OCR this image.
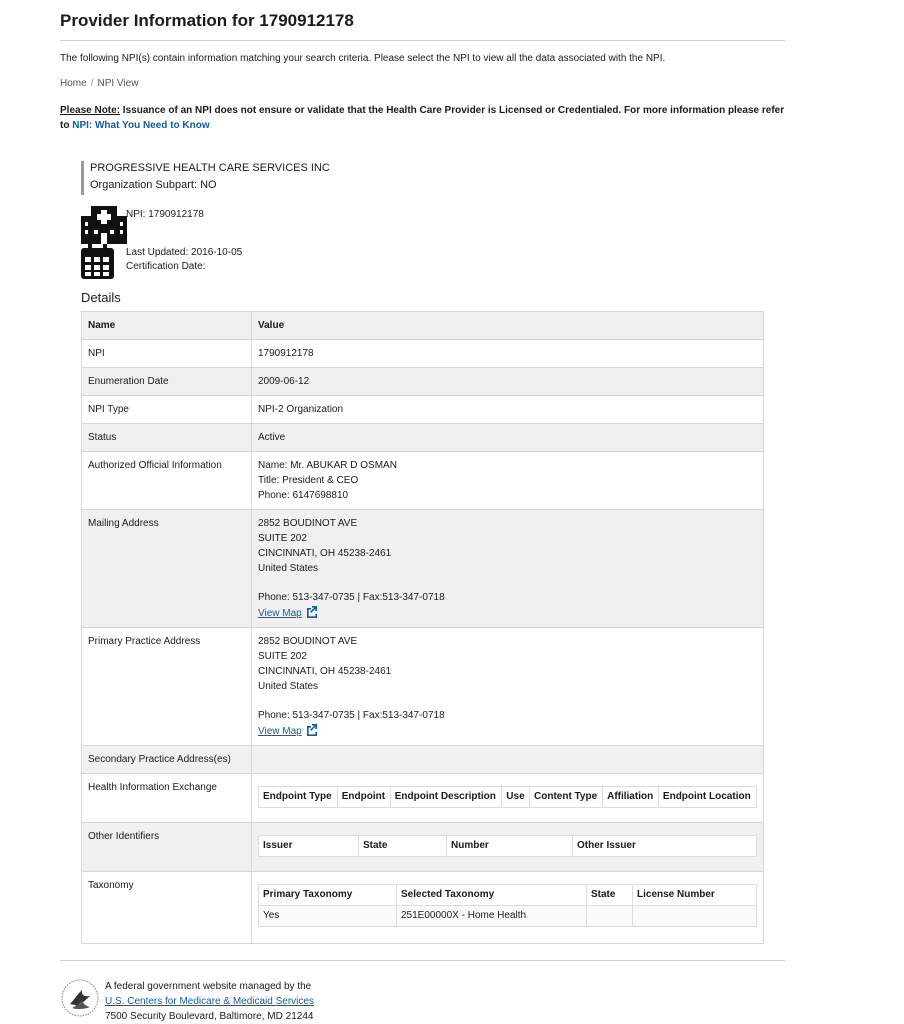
Provider Information for 1790912178
The following NPI(s) contain information matching your search criteria. Please select the NPI to view all the data associated with the NPI.
Home / NPI View
Please Note: Issuance of an NPI does not ensure or validate that the Health Care Provider is Licensed or Credentialed. For more information please refer to NPI: What You Need to Know
PROGRESSIVE HEALTH CARE SERVICES INC
Organization Subpart: NO
NPI: 1790912178
Last Updated: 2016-10-05
Certification Date:
Details
Name	Value
NPI	1790912178
Enumeration Date	2009-06-12
NPI Type	NPI-2 Organization
Status	Active
Authorized Official Information	Name: Mr. ABUKAR D OSMAN
Title: President & CEO
Phone: 6147698810

Mailing Address	2852 BOUDINOT AVE
SUITE 202
CINCINNATI, OH 45238-2461
United States
Phone: 513-347-0735 | Fax:513-347-0718
View Map

Primary Practice Address	2852 BOUDINOT AVE
SUITE 202
CINCINNATI, OH 45238-2461
United States
Phone: 513-347-0735 | Fax:513-347-0718
View Map

Secondary Practice Address(es)	
Health Information Exchange	
Endpoint Type	Endpoint	Endpoint Description	Use	Content Type	Affiliation	Endpoint Location

Other Identifiers	
Issuer	State	Number	Other Issuer

Taxonomy	
Primary Taxonomy	Selected Taxonomy	State	License Number
Yes	251E00000X - Home Health		
A federal government website managed by the
U.S. Centers for Medicare & Medicaid Services
7500 Security Boulevard, Baltimore, MD 21244
